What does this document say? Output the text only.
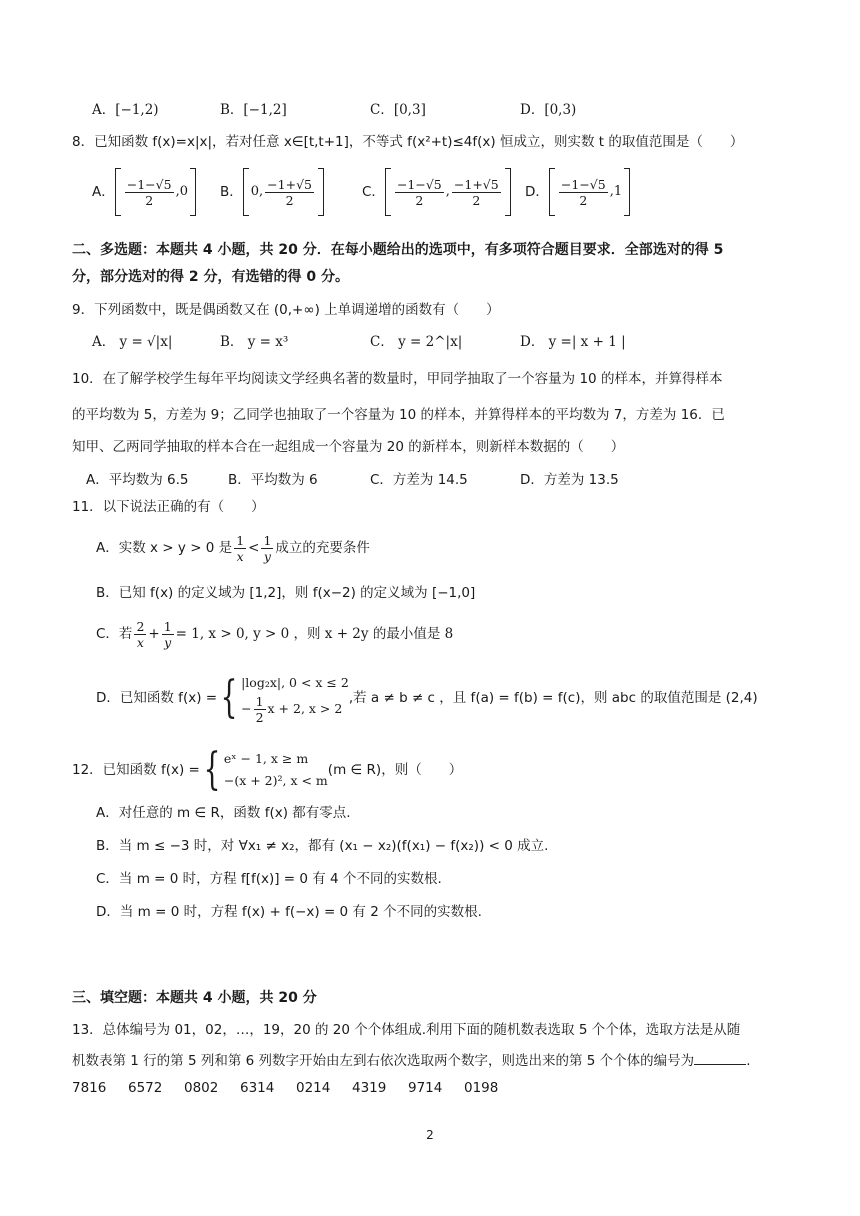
A．[−1,2)	B．[−1,2]	C．[0,3]	D．[0,3)
8．已知函数 f(x)=x|x|，若对任意 x∈[t,t+1]，不等式 f(x²+t)≤4f(x) 恒成立，则实数 t 的取值范围是（　　）
A． $\frac{-1-√5}{2} ,0$ B． 0, $\frac{-1+√5}{2}$	C． $\frac{-1-√5}{2}$ , $\frac{-1+√5}{2}$ D． $\frac{-1-√5}{2} ,1$
二、多选题：本题共 4 小题，共 20 分．在每小题给出的选项中，有多项符合题目要求．全部选对的得 5
分，部分选对的得 2 分，有选错的得 0 分。
9．下列函数中，既是偶函数又在 (0,+∞) 上单调递增的函数有（　　）
A． y = √|x|	B． y = x³	C． y = 2^|x|	D． y =| x + 1 |
10．在了解学校学生每年平均阅读文学经典名著的数量时，甲同学抽取了一个容量为 10 的样本，并算得样本
的平均数为 5，方差为 9；乙同学也抽取了一个容量为 10 的样本，并算得样本的平均数为 7，方差为 16．已
知甲、乙两同学抽取的样本合在一起组成一个容量为 20 的新样本，则新样本数据的（　　）
A．平均数为 6.5	B．平均数为 6	C．方差为 14.5	D．方差为 13.5
11．以下说法正确的有（　　）
A．实数 x > y > 0 是 $\frac{1}{x} < \frac{1}{y}$ 成立的充要条件
B．已知 f(x) 的定义域为 [1,2]，则 f(x−2) 的定义域为 [−1,0]
C．若 $\frac{2}{x} + \frac{1}{y} = 1$, x > 0, y > 0 ，则 x + 2y 的最小值是 8
D．已知函数 f(x) = { |log₂x|, 0 < x ≤ 2
− $\frac{1}{2}$ x + 2, x > 2
,若 a ≠ b ≠ c ，且 f(a) = f(b) = f(c)，则 abc 的取值范围是 (2,4)
12．已知函数 f(x) = { eˣ − 1, x ≥ m
−(x + 2)², x < m
(m ∈ R)，则（　　）
A．对任意的 m ∈ R，函数 f(x) 都有零点.
B．当 m ≤ −3 时，对 ∀x₁ ≠ x₂，都有 (x₁ − x₂)(f(x₁) − f(x₂)) < 0 成立.
C．当 m = 0 时，方程 f[f(x)] = 0 有 4 个不同的实数根.
D．当 m = 0 时，方程 f(x) + f(−x) = 0 有 2 个不同的实数根.
三、填空题：本题共 4 小题，共 20 分
13．总体编号为 01，02，…，19，20 的 20 个个体组成.利用下面的随机数表选取 5 个个体，选取方法是从随
机数表第 1 行的第 5 列和第 6 列数字开始由左到右依次选取两个数字，则选出来的第 5 个个体的编号为	.
7816 6572 0802 6314 0214 4319 9714 0198
2
